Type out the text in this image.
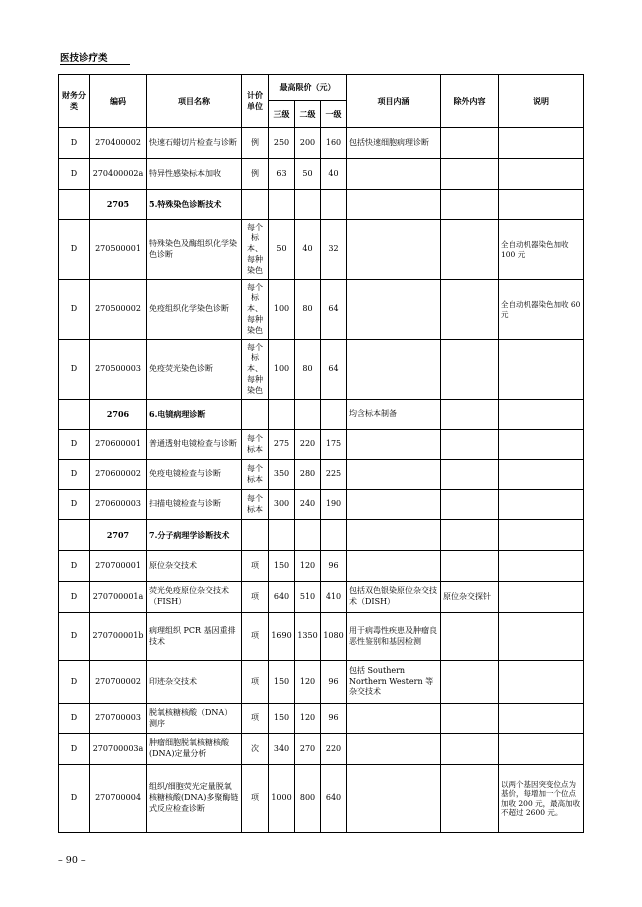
医技诊疗类
财务分类	编码	项目名称	计价单位	最高限价（元）			项目内涵	除外内容	说明
				三级	二级	一级			
D	270400002	快速石蜡切片检查与诊断	例	250	200	160	包括快速细胞病理诊断		
D	270400002a	特异性感染标本加收	例	63	50	40			
	2705	5.特殊染色诊断技术							
D	270500001	特殊染色及酶组织化学染色诊断	每个标本、每种染色	50	40	32			全自动机器染色加收 100 元
D	270500002	免疫组织化学染色诊断	每个标本、每种染色	100	80	64			全自动机器染色加收 60 元
D	270500003	免疫荧光染色诊断	每个标本、每种染色	100	80	64			
	2706	6.电镜病理诊断					均含标本制备		
D	270600001	普通透射电镜检查与诊断	每个标本	275	220	175			
D	270600002	免疫电镜检查与诊断	每个标本	350	280	225			
D	270600003	扫描电镜检查与诊断	每个标本	300	240	190			
	2707	7.分子病理学诊断技术							
D	270700001	原位杂交技术	项	150	120	96			
D	270700001a	荧光免疫原位杂交技术（FISH）	项	640	510	410	包括双色银染原位杂交技术（DISH）	原位杂交探针	
D	270700001b	病理组织 PCR 基因重排技术	项	1690	1350	1080	用于病毒性疾患及肿瘤良恶性鉴别和基因检测		
D	270700002	印迹杂交技术	项	150	120	96	包括 Southern Northern Western 等杂交技术		
D	270700003	脱氧核糖核酸（DNA）测序	项	150	120	96			
D	270700003a	肿瘤细胞脱氧核糖核酸(DNA)定量分析	次	340	270	220			
D	270700004	组织/细胞荧光定量脱氧核糖核酸(DNA)多聚酶链式反应检查诊断	项	1000	800	640			以两个基因突变位点为基价，每增加一个位点加收 200 元，最高加收不超过 2600 元。
– 90 –
